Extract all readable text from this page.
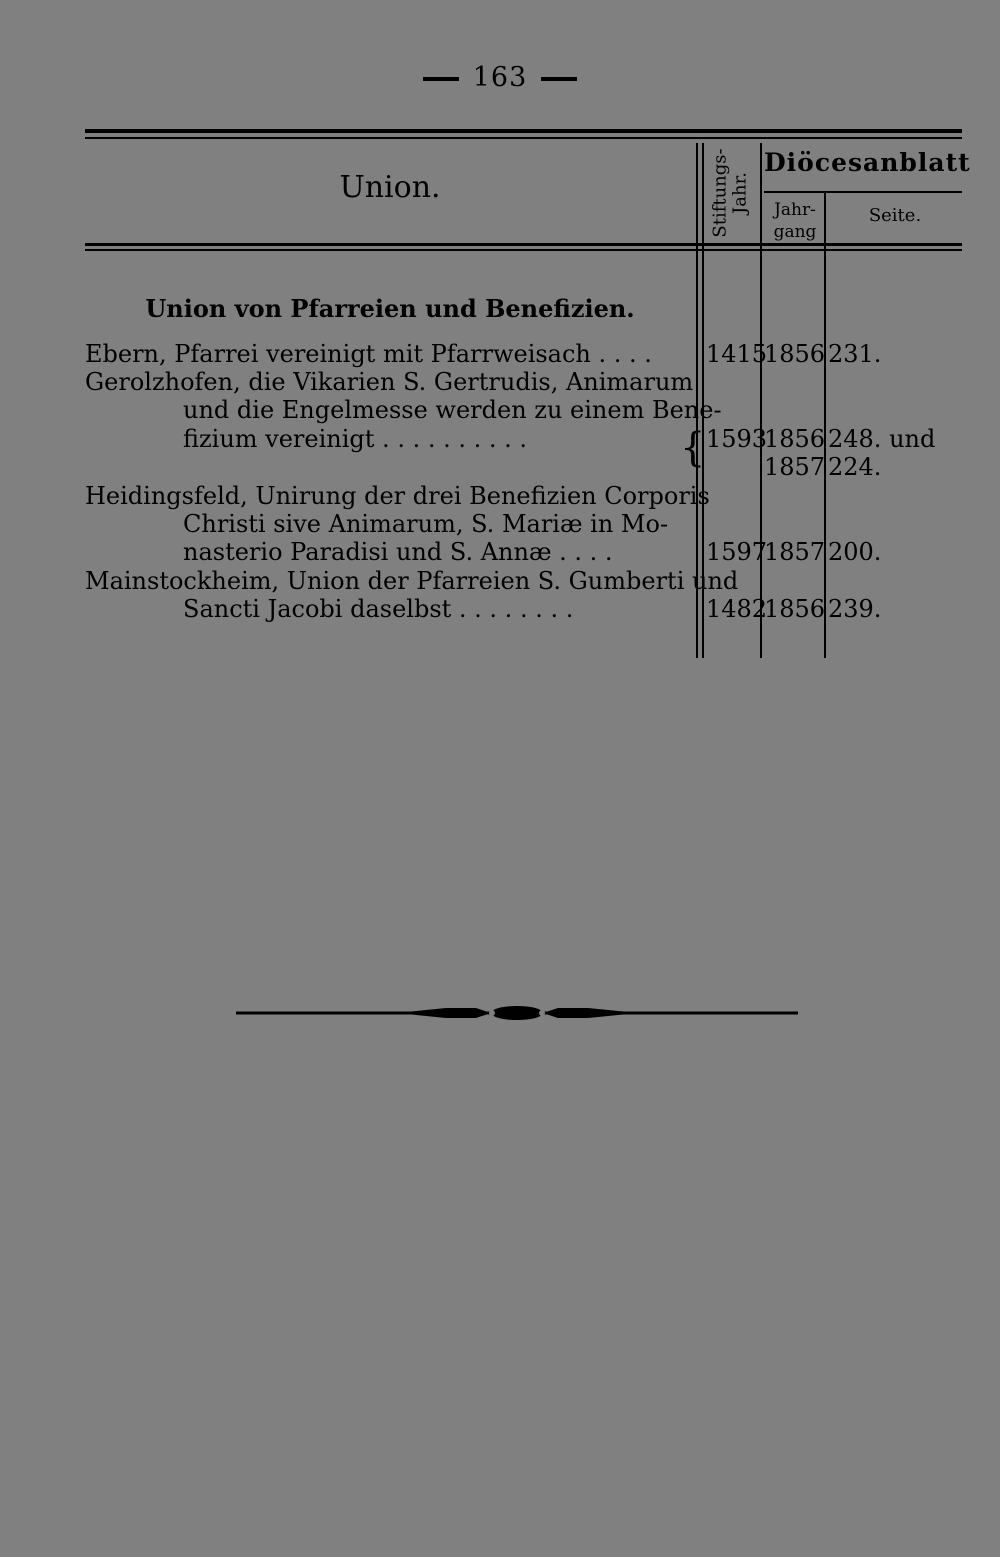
163
Union.	Stiftungs-
Jahr.
Diöcesanblatt
Jahr-
gang
Seite.
Union von Pfarreien und Benefizien.
Ebern, Pfarrei vereinigt mit Pfarrweisach . . . .
Gerolzhofen, die Vikarien S. Gertrudis, Animarum
und die Engelmesse werden zu einem Bene-
fizium vereinigt . . . . . . . . . .
Heidingsfeld, Unirung der drei Benefizien Corporis
Christi sive Animarum, S. Mariæ in Mo-
nasterio Paradisi und S. Annæ . . . .
Mainstockheim, Union der Pfarreien S. Gumberti und
Sancti Jacobi daselbst . . . . . . . .
{
1415
1856 231.
1593
1856 248. und
1857 224.
1597
1857 200.
1482
1856 239.
